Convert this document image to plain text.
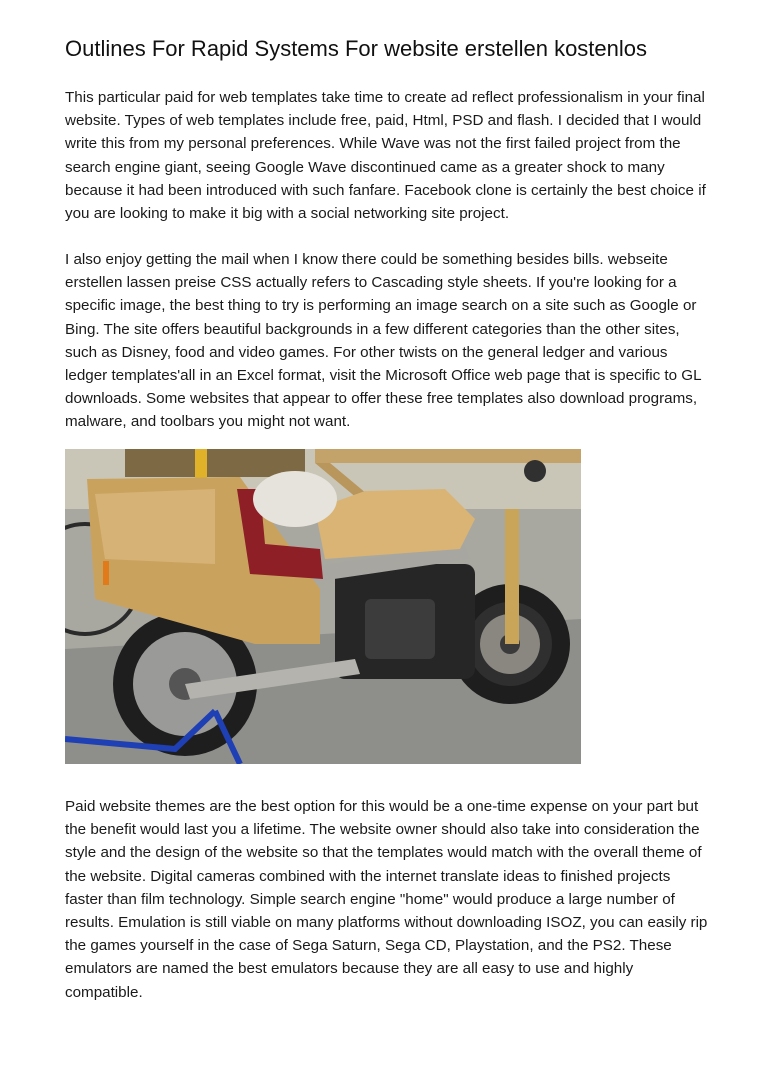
Outlines For Rapid Systems For website erstellen kostenlos

This particular paid for web templates take time to create ad reflect professionalism in your final website. Types of web templates include free, paid, Html, PSD and flash. I decided that I would write this from my personal preferences. While Wave was not the first failed project from the search engine giant, seeing Google Wave discontinued came as a greater shock to many because it had been introduced with such fanfare. Facebook clone is certainly the best choice if you are looking to make it big with a social networking site project.

I also enjoy getting the mail when I know there could be something besides bills. webseite erstellen lassen preise CSS actually refers to Cascading style sheets. If you're looking for a specific image, the best thing to try is performing an image search on a site such as Google or Bing. The site offers beautiful backgrounds in a few different categories than the other sites, such as Disney, food and video games. For other twists on the general ledger and various ledger templates'all in an Excel format, visit the Microsoft Office web page that is specific to GL downloads. Some websites that appear to offer these free templates also download programs, malware, and toolbars you might not want.

Paid website themes are the best option for this would be a one-time expense on your part but the benefit would last you a lifetime. The website owner should also take into consideration the style and the design of the website so that the templates would match with the overall theme of the website. Digital cameras combined with the internet translate ideas to finished projects faster than film technology. Simple search engine "home" would produce a large number of results. Emulation is still viable on many platforms without downloading ISOZ, you can easily rip the games yourself in the case of Sega Saturn, Sega CD, Playstation, and the PS2. These emulators are named the best emulators because they are all easy to use and highly compatible.
